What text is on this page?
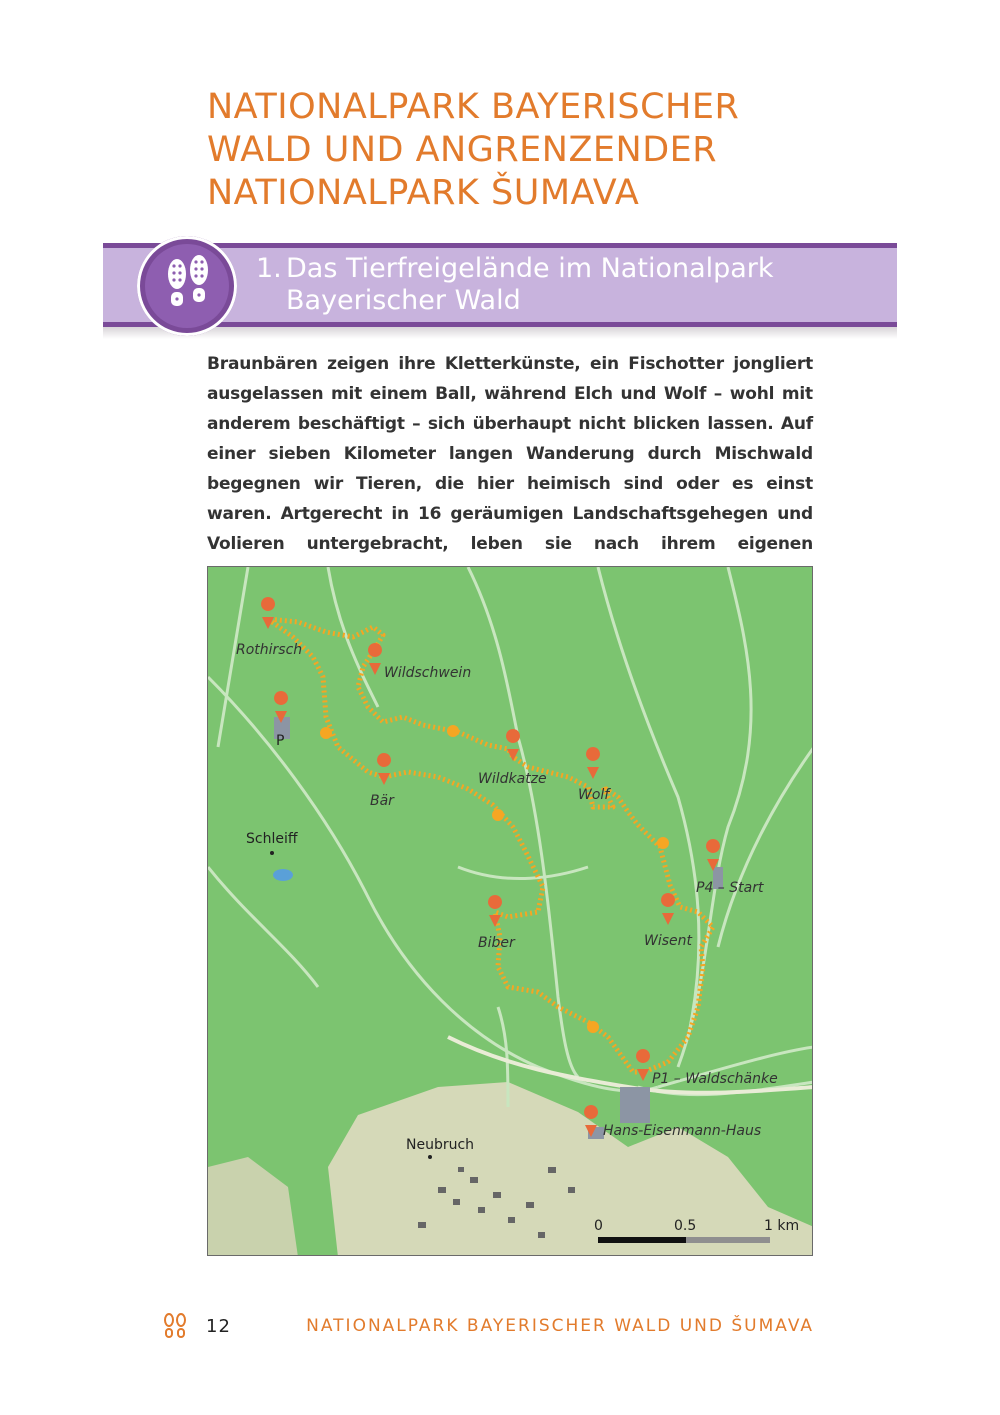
NATIONALPARK BAYERISCHER
WALD UND ANGRENZENDER
NATIONALPARK ŠUMAVA
1. Das Tierfreigelände im Nationalpark
Bayerischer Wald

Braunbären zeigen ihre Kletterkünste, ein Fischotter jongliert ausgelassen mit einem Ball, während Elch und Wolf – wohl mit anderem beschäftigt – sich überhaupt nicht blicken lassen. Auf einer sieben Kilometer langen Wanderung durch Mischwald begegnen wir Tieren, die hier heimisch sind oder es einst waren. Artgerecht in 16 geräumigen Landschaftsgehegen und Volieren untergebracht, leben sie nach ihrem eigenen

0	0.5	1 km
Rothirsch
Wildschwein
P
Bär
Wildkatze
Wolf
P4 – Start
Biber	Wisent
P1 – Waldschänke
Hans-Eisenmann-Haus
Schleiff
Neubruch
12	NATIONALPARK BAYERISCHER WALD UND ŠUMAVA
